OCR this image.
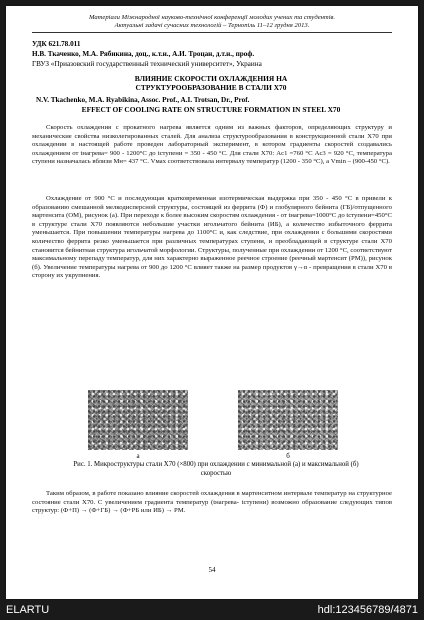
Матеріали Міжнародної науково-технічної конференції молодих учених та студентів.
Актуальні задачі сучасних технологій – Тернопіль 11–12 грудня 2013.
УДК 621.78.011
Н.В. Ткаченко, М.А. Рябикина, доц., к.т.н., А.И. Троцан, д.т.н., проф.
ГВУЗ «Приазовский государственный технический университет», Украина
ВЛИЯНИЕ СКОРОСТИ ОХЛАЖДЕНИЯ НА
СТРУКТУРООБРАЗОВАНИЕ В СТАЛИ Х70
N.V. Tkachenko, M.A. Ryabikina, Assoc. Prof., A.I. Trotsan, Dr., Prof.
EFFECT OF COOLING RATE ON STRUCTURE FORMATION IN STEEL X70

Скорость охлаждения с прокатного нагрева является одним из важных факторов, определяющих структуру и механические свойства низколегированных сталей. Для анализа структурообразования в конструкционной стали Х70 при охлаждении в настоящей работе проведен лабораторный эксперимент, в котором градиенты скоростей создавались охлаждением от tнагрева= 900 - 1200°С до tступени = 350 - 450 °С. Для стали Х70: Ac1 =760 °С Ac3 = 920 °С, температура ступени назначалась вблизи Мн= 437 °С. Vмах соответствовала интервалу температур (1200 - 350 °С), а Vmin – (900-450 °С).

Охлаждение от 900 °С и последующая кратковременная изотермическая выдержка при 350 - 450 °С в привели к образованию смешанной мелкодисперсной структуры, состоящей из феррита (Ф) и глобулярного бейнита (ГБ)/отпущенного мартенсита (ОМ), рисунок (а). При переходе к более высоким скоростям охлаждения - от tнагрева=1000°С до tступени=450°С в структуре стали Х70 появляются небольшие участки игольчатого бейнита (ИБ), а количество избыточного феррита уменьшается. При повышении температуры нагрева до 1100°С и, как следствие, при охлаждении с большими скоростями количество феррита резко уменьшается при различных температурах ступени, и преобладающей в структуре стали Х70 становится бейнитная структура игольчатой морфологии. Структуры, полученные при охлаждении от 1200 °С, соответствуют максимальному перепаду температур, для них характерно выраженное реечное строение (реечный мартенсит (РМ)), рисунок (б). Увеличение температуры нагрева от 900 до 1200 °С влияет также на размер продуктов γ→α - превращения в стали Х70 в сторону их укрупнения.

а	б
Рис. 1. Микроструктуры стали Х70 (×800) при охлаждении с минимальной (а) и максимальной (б) скоростью

Таким образом, в работе показано влияние скоростей охлаждения в мартенситном интервале температур на структурное состояние стали Х70. С увеличением градиента температур (tнагрева- tступени) возможно образование следующих типов структур: (Ф+П) → (Ф+ГБ) → (Ф+РБ или ИБ) → РМ.

54
ELARTU	hdl:123456789/4871
